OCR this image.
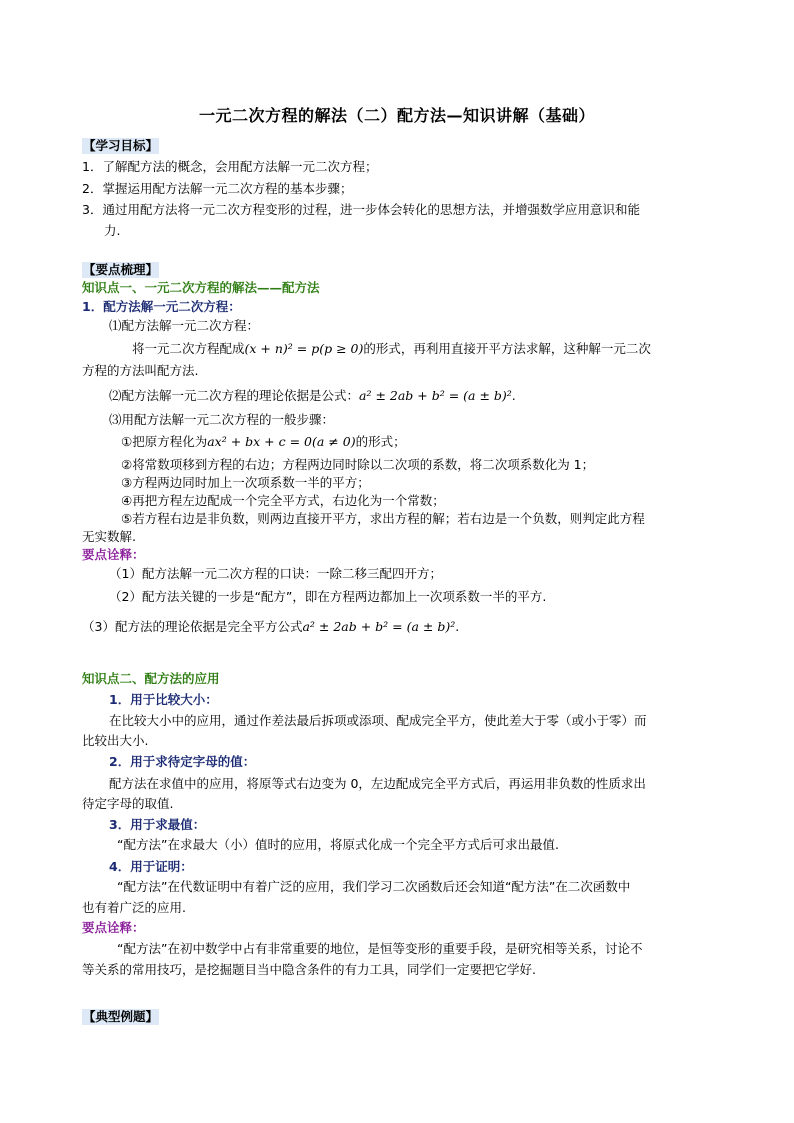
一元二次方程的解法（二）配方法—知识讲解（基础）
【学习目标】
1．了解配方法的概念，会用配方法解一元二次方程；
2．掌握运用配方法解一元二次方程的基本步骤；
3．通过用配方法将一元二次方程变形的过程，进一步体会转化的思想方法，并增强数学应用意识和能
力.
【要点梳理】
知识点一、一元二次方程的解法——配方法
1．配方法解一元二次方程：
⑴配方法解一元二次方程：
将一元二次方程配成(x + n)² = p(p ≥ 0)的形式，再利用直接开平方法求解，这种解一元二次
方程的方法叫配方法.
⑵配方法解一元二次方程的理论依据是公式：a² ± 2ab + b² = (a ± b)².
⑶用配方法解一元二次方程的一般步骤：
①把原方程化为ax² + bx + c = 0(a ≠ 0)的形式；
②将常数项移到方程的右边；方程两边同时除以二次项的系数，将二次项系数化为 1；
③方程两边同时加上一次项系数一半的平方；
④再把方程左边配成一个完全平方式，右边化为一个常数；
⑤若方程右边是非负数，则两边直接开平方，求出方程的解；若右边是一个负数，则判定此方程
无实数解.
要点诠释：
（1）配方法解一元二次方程的口诀：一除二移三配四开方；
（2）配方法关键的一步是“配方”，即在方程两边都加上一次项系数一半的平方.
（3）配方法的理论依据是完全平方公式a² ± 2ab + b² = (a ± b)².
知识点二、配方法的应用
1．用于比较大小：
在比较大小中的应用，通过作差法最后拆项或添项、配成完全平方，使此差大于零（或小于零）而
比较出大小.
2．用于求待定字母的值：
配方法在求值中的应用，将原等式右边变为 0，左边配成完全平方式后，再运用非负数的性质求出
待定字母的取值.
3．用于求最值：
“配方法”在求最大（小）值时的应用，将原式化成一个完全平方式后可求出最值.
4．用于证明：
“配方法”在代数证明中有着广泛的应用，我们学习二次函数后还会知道“配方法”在二次函数中
也有着广泛的应用.
要点诠释：
“配方法”在初中数学中占有非常重要的地位，是恒等变形的重要手段，是研究相等关系，讨论不
等关系的常用技巧，是挖掘题目当中隐含条件的有力工具，同学们一定要把它学好.
【典型例题】
